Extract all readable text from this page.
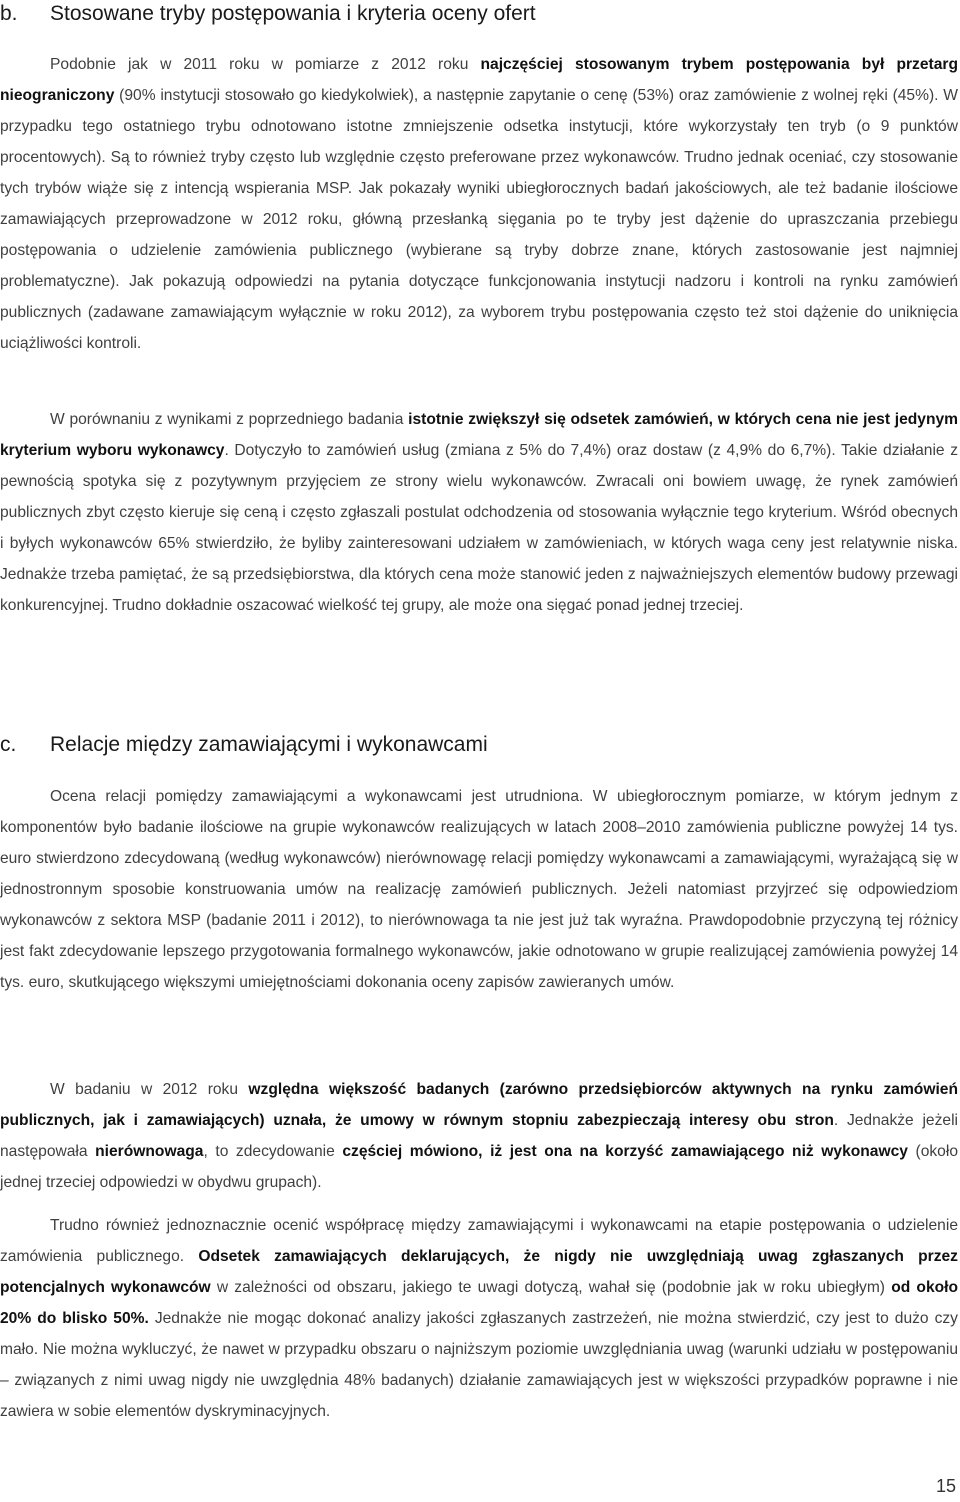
b. Stosowane tryby postępowania i kryteria oceny ofert

Podobnie jak w 2011 roku w pomiarze z 2012 roku najczęściej stosowanym trybem postępowania był przetarg nieograniczony (90% instytucji stosowało go kiedykolwiek), a następnie zapytanie o cenę (53%) oraz zamówienie z wolnej ręki (45%). W przypadku tego ostatniego trybu odnotowano istotne zmniejszenie odsetka instytucji, które wykorzystały ten tryb (o 9 punktów procentowych). Są to również tryby często lub względnie często preferowane przez wykonawców. Trudno jednak oceniać, czy stosowanie tych trybów wiąże się z intencją wspierania MSP. Jak pokazały wyniki ubiegłorocznych badań jakościowych, ale też badanie ilościowe zamawiających przeprowadzone w 2012 roku, główną przesłanką sięgania po te tryby jest dążenie do upraszczania przebiegu postępowania o udzielenie zamówienia publicznego (wybierane są tryby dobrze znane, których zastosowanie jest najmniej problematyczne). Jak pokazują odpowiedzi na pytania dotyczące funkcjonowania instytucji nadzoru i kontroli na rynku zamówień publicznych (zadawane zamawiającym wyłącznie w roku 2012), za wyborem trybu postępowania często też stoi dążenie do uniknięcia uciążliwości kontroli.

W porównaniu z wynikami z poprzedniego badania istotnie zwiększył się odsetek zamówień, w których cena nie jest jedynym kryterium wyboru wykonawcy. Dotyczyło to zamówień usług (zmiana z 5% do 7,4%) oraz dostaw (z 4,9% do 6,7%). Takie działanie z pewnością spotyka się z pozytywnym przyjęciem ze strony wielu wykonawców. Zwracali oni bowiem uwagę, że rynek zamówień publicznych zbyt często kieruje się ceną i często zgłaszali postulat odchodzenia od stosowania wyłącznie tego kryterium. Wśród obecnych i byłych wykonawców 65% stwierdziło, że byliby zainteresowani udziałem w zamówieniach, w których waga ceny jest relatywnie niska. Jednakże trzeba pamiętać, że są przedsiębiorstwa, dla których cena może stanowić jeden z najważniejszych elementów budowy przewagi konkurencyjnej. Trudno dokładnie oszacować wielkość tej grupy, ale może ona sięgać ponad jednej trzeciej.

c. Relacje między zamawiającymi i wykonawcami

Ocena relacji pomiędzy zamawiającymi a wykonawcami jest utrudniona. W ubiegłorocznym pomiarze, w którym jednym z komponentów było badanie ilościowe na grupie wykonawców realizujących w latach 2008–2010 zamówienia publiczne powyżej 14 tys. euro stwierdzono zdecydowaną (według wykonawców) nierównowagę relacji pomiędzy wykonawcami a zamawiającymi, wyrażającą się w jednostronnym sposobie konstruowania umów na realizację zamówień publicznych. Jeżeli natomiast przyjrzeć się odpowiedziom wykonawców z sektora MSP (badanie 2011 i 2012), to nierównowaga ta nie jest już tak wyraźna. Prawdopodobnie przyczyną tej różnicy jest fakt zdecydowanie lepszego przygotowania formalnego wykonawców, jakie odnotowano w grupie realizującej zamówienia powyżej 14 tys. euro, skutkującego większymi umiejętnościami dokonania oceny zapisów zawieranych umów.

W badaniu w 2012 roku względna większość badanych (zarówno przedsiębiorców aktywnych na rynku zamówień publicznych, jak i zamawiających) uznała, że umowy w równym stopniu zabezpieczają interesy obu stron. Jednakże jeżeli następowała nierównowaga, to zdecydowanie częściej mówiono, iż jest ona na korzyść zamawiającego niż wykonawcy (około jednej trzeciej odpowiedzi w obydwu grupach).

Trudno również jednoznacznie ocenić współpracę między zamawiającymi i wykonawcami na etapie postępowania o udzielenie zamówienia publicznego. Odsetek zamawiających deklarujących, że nigdy nie uwzględniają uwag zgłaszanych przez potencjalnych wykonawców w zależności od obszaru, jakiego te uwagi dotyczą, wahał się (podobnie jak w roku ubiegłym) od około 20% do blisko 50%. Jednakże nie mogąc dokonać analizy jakości zgłaszanych zastrzeżeń, nie można stwierdzić, czy jest to dużo czy mało. Nie można wykluczyć, że nawet w przypadku obszaru o najniższym poziomie uwzględniania uwag (warunki udziału w postępowaniu – związanych z nimi uwag nigdy nie uwzględnia 48% badanych) działanie zamawiających jest w większości przypadków poprawne i nie zawiera w sobie elementów dyskryminacyjnych.

15
